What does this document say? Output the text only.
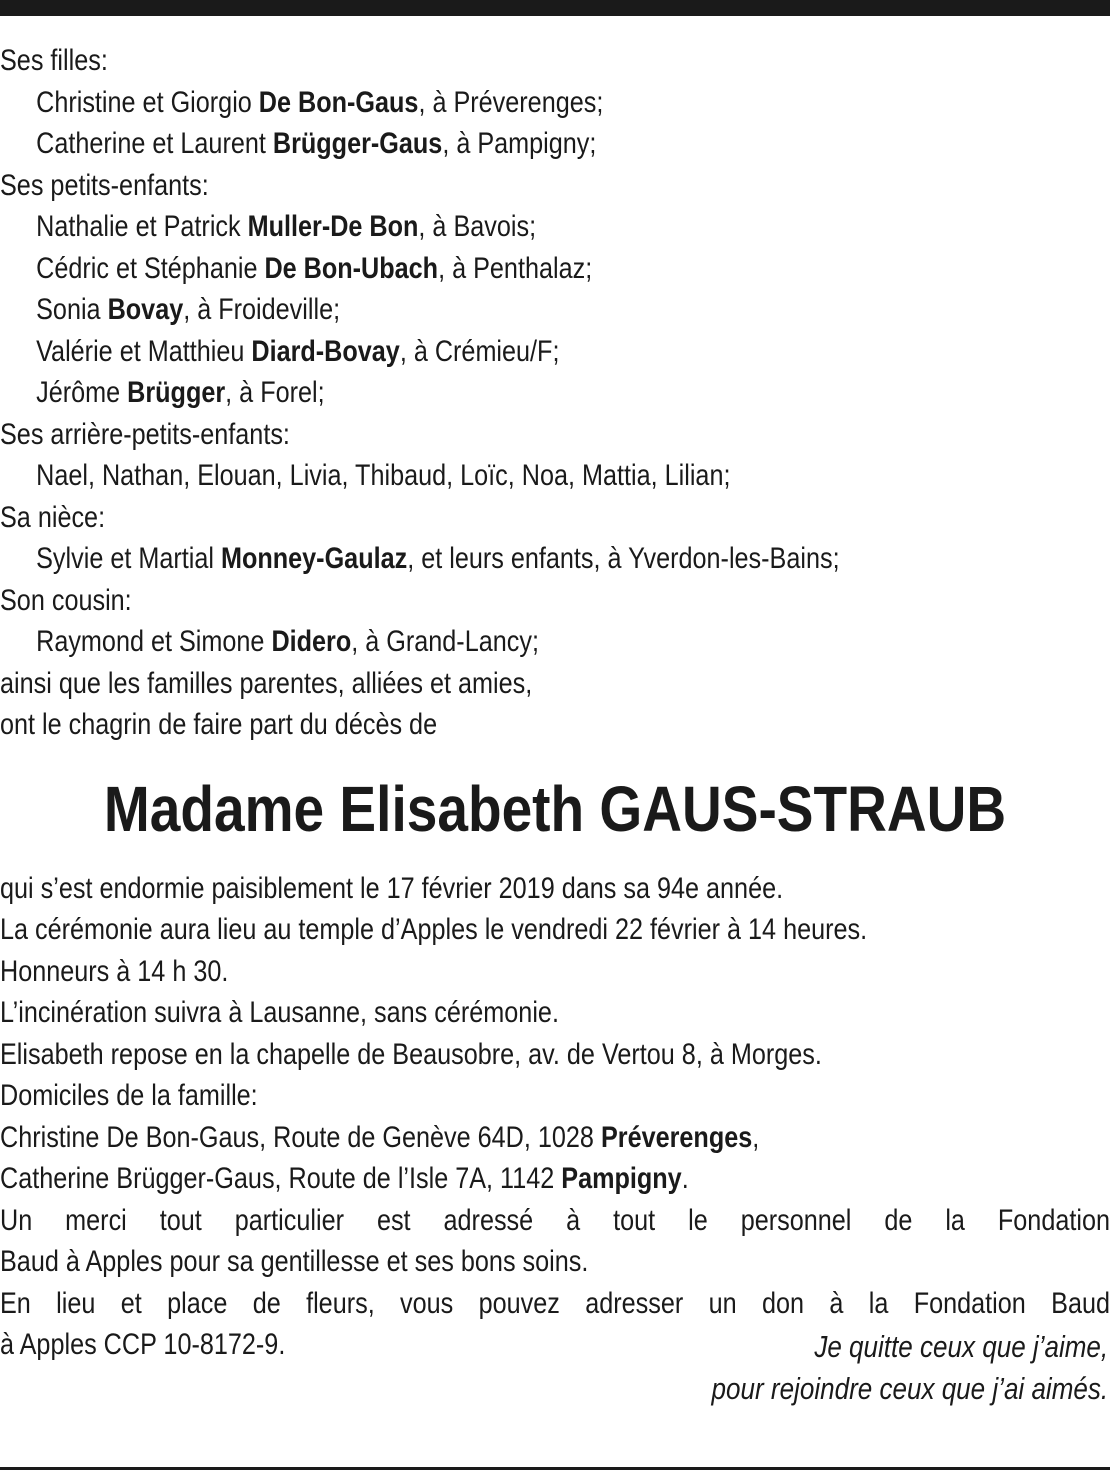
Ses filles:
Christine et Giorgio De Bon-Gaus, à Préverenges;
Catherine et Laurent Brügger-Gaus, à Pampigny;
Ses petits-enfants:
Nathalie et Patrick Muller-De Bon, à Bavois;
Cédric et Stéphanie De Bon-Ubach, à Penthalaz;
Sonia Bovay, à Froideville;
Valérie et Matthieu Diard-Bovay, à Crémieu/F;
Jérôme Brügger, à Forel;
Ses arrière-petits-enfants:
Nael, Nathan, Elouan, Livia, Thibaud, Loïc, Noa, Mattia, Lilian;
Sa nièce:
Sylvie et Martial Monney-Gaulaz, et leurs enfants, à Yverdon-les-Bains;
Son cousin:
Raymond et Simone Didero, à Grand-Lancy;
ainsi que les familles parentes, alliées et amies,
ont le chagrin de faire part du décès de
Madame Elisabeth GAUS-STRAUB
qui s’est endormie paisiblement le 17 février 2019 dans sa 94e année.
La cérémonie aura lieu au temple d’Apples le vendredi 22 février à 14 heures.
Honneurs à 14 h 30.
L’incinération suivra à Lausanne, sans cérémonie.
Elisabeth repose en la chapelle de Beausobre, av. de Vertou 8, à Morges.
Domiciles de la famille:
Christine De Bon-Gaus, Route de Genève 64D, 1028 Préverenges,
Catherine Brügger-Gaus, Route de l’Isle 7A, 1142 Pampigny.
Un merci tout particulier est adressé à tout le personnel de la Fondation
Baud à Apples pour sa gentillesse et ses bons soins.
En lieu et place de fleurs, vous pouvez adresser un don à la Fondation Baud
à Apples CCP 10-8172-9.	Je quitte ceux que j’aime,
pour rejoindre ceux que j’ai aimés.
